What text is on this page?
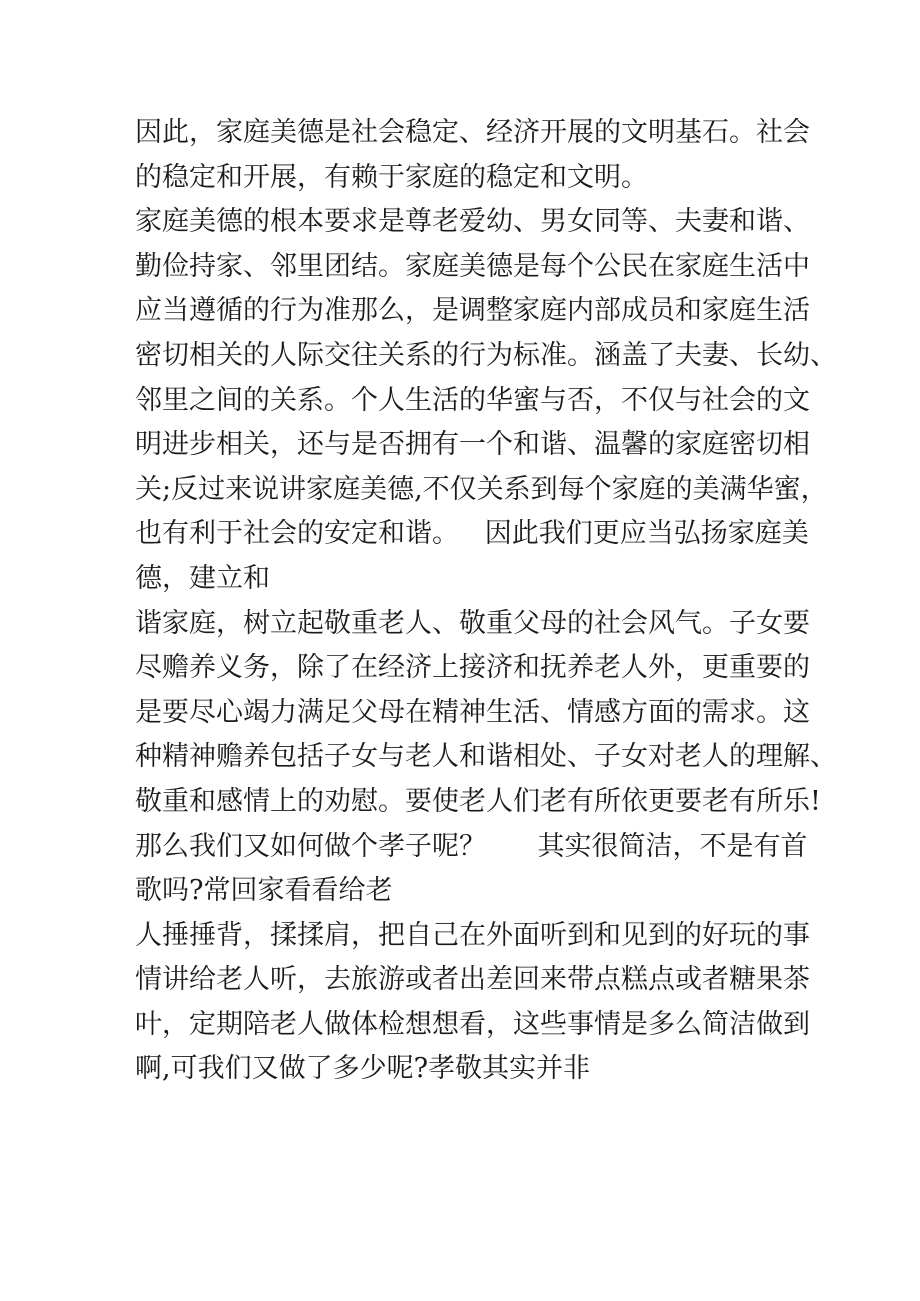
因此，家庭美德是社会稳定、经济开展的文明基石。社会

的稳定和开展，有赖于家庭的稳定和文明。

家庭美德的根本要求是尊老爱幼、男女同等、夫妻和谐、

勤俭持家、邻里团结。家庭美德是每个公民在家庭生活中

应当遵循的行为准那么，是调整家庭内部成员和家庭生活

密切相关的人际交往关系的行为标准。涵盖了夫妻、长幼、

邻里之间的关系。个人生活的华蜜与否，不仅与社会的文

明进步相关，还与是否拥有一个和谐、温馨的家庭密切相

关;反过来说讲家庭美德,不仅关系到每个家庭的美满华蜜，

也有利于社会的安定和谐。   因此我们更应当弘扬家庭美

德，建立和

谐家庭，树立起敬重老人、敬重父母的社会风气。子女要

尽赡养义务，除了在经济上接济和抚养老人外，更重要的

是要尽心竭力满足父母在精神生活、情感方面的需求。这

种精神赡养包括子女与老人和谐相处、子女对老人的理解、

敬重和感情上的劝慰。要使老人们老有所依更要老有所乐!

那么我们又如何做个孝子呢？      其实很简洁，不是有首

歌吗?常回家看看给老

人捶捶背，揉揉肩，把自己在外面听到和见到的好玩的事

情讲给老人听，去旅游或者出差回来带点糕点或者糖果茶

叶，定期陪老人做体检想想看，这些事情是多么简洁做到

啊,可我们又做了多少呢?孝敬其实并非
